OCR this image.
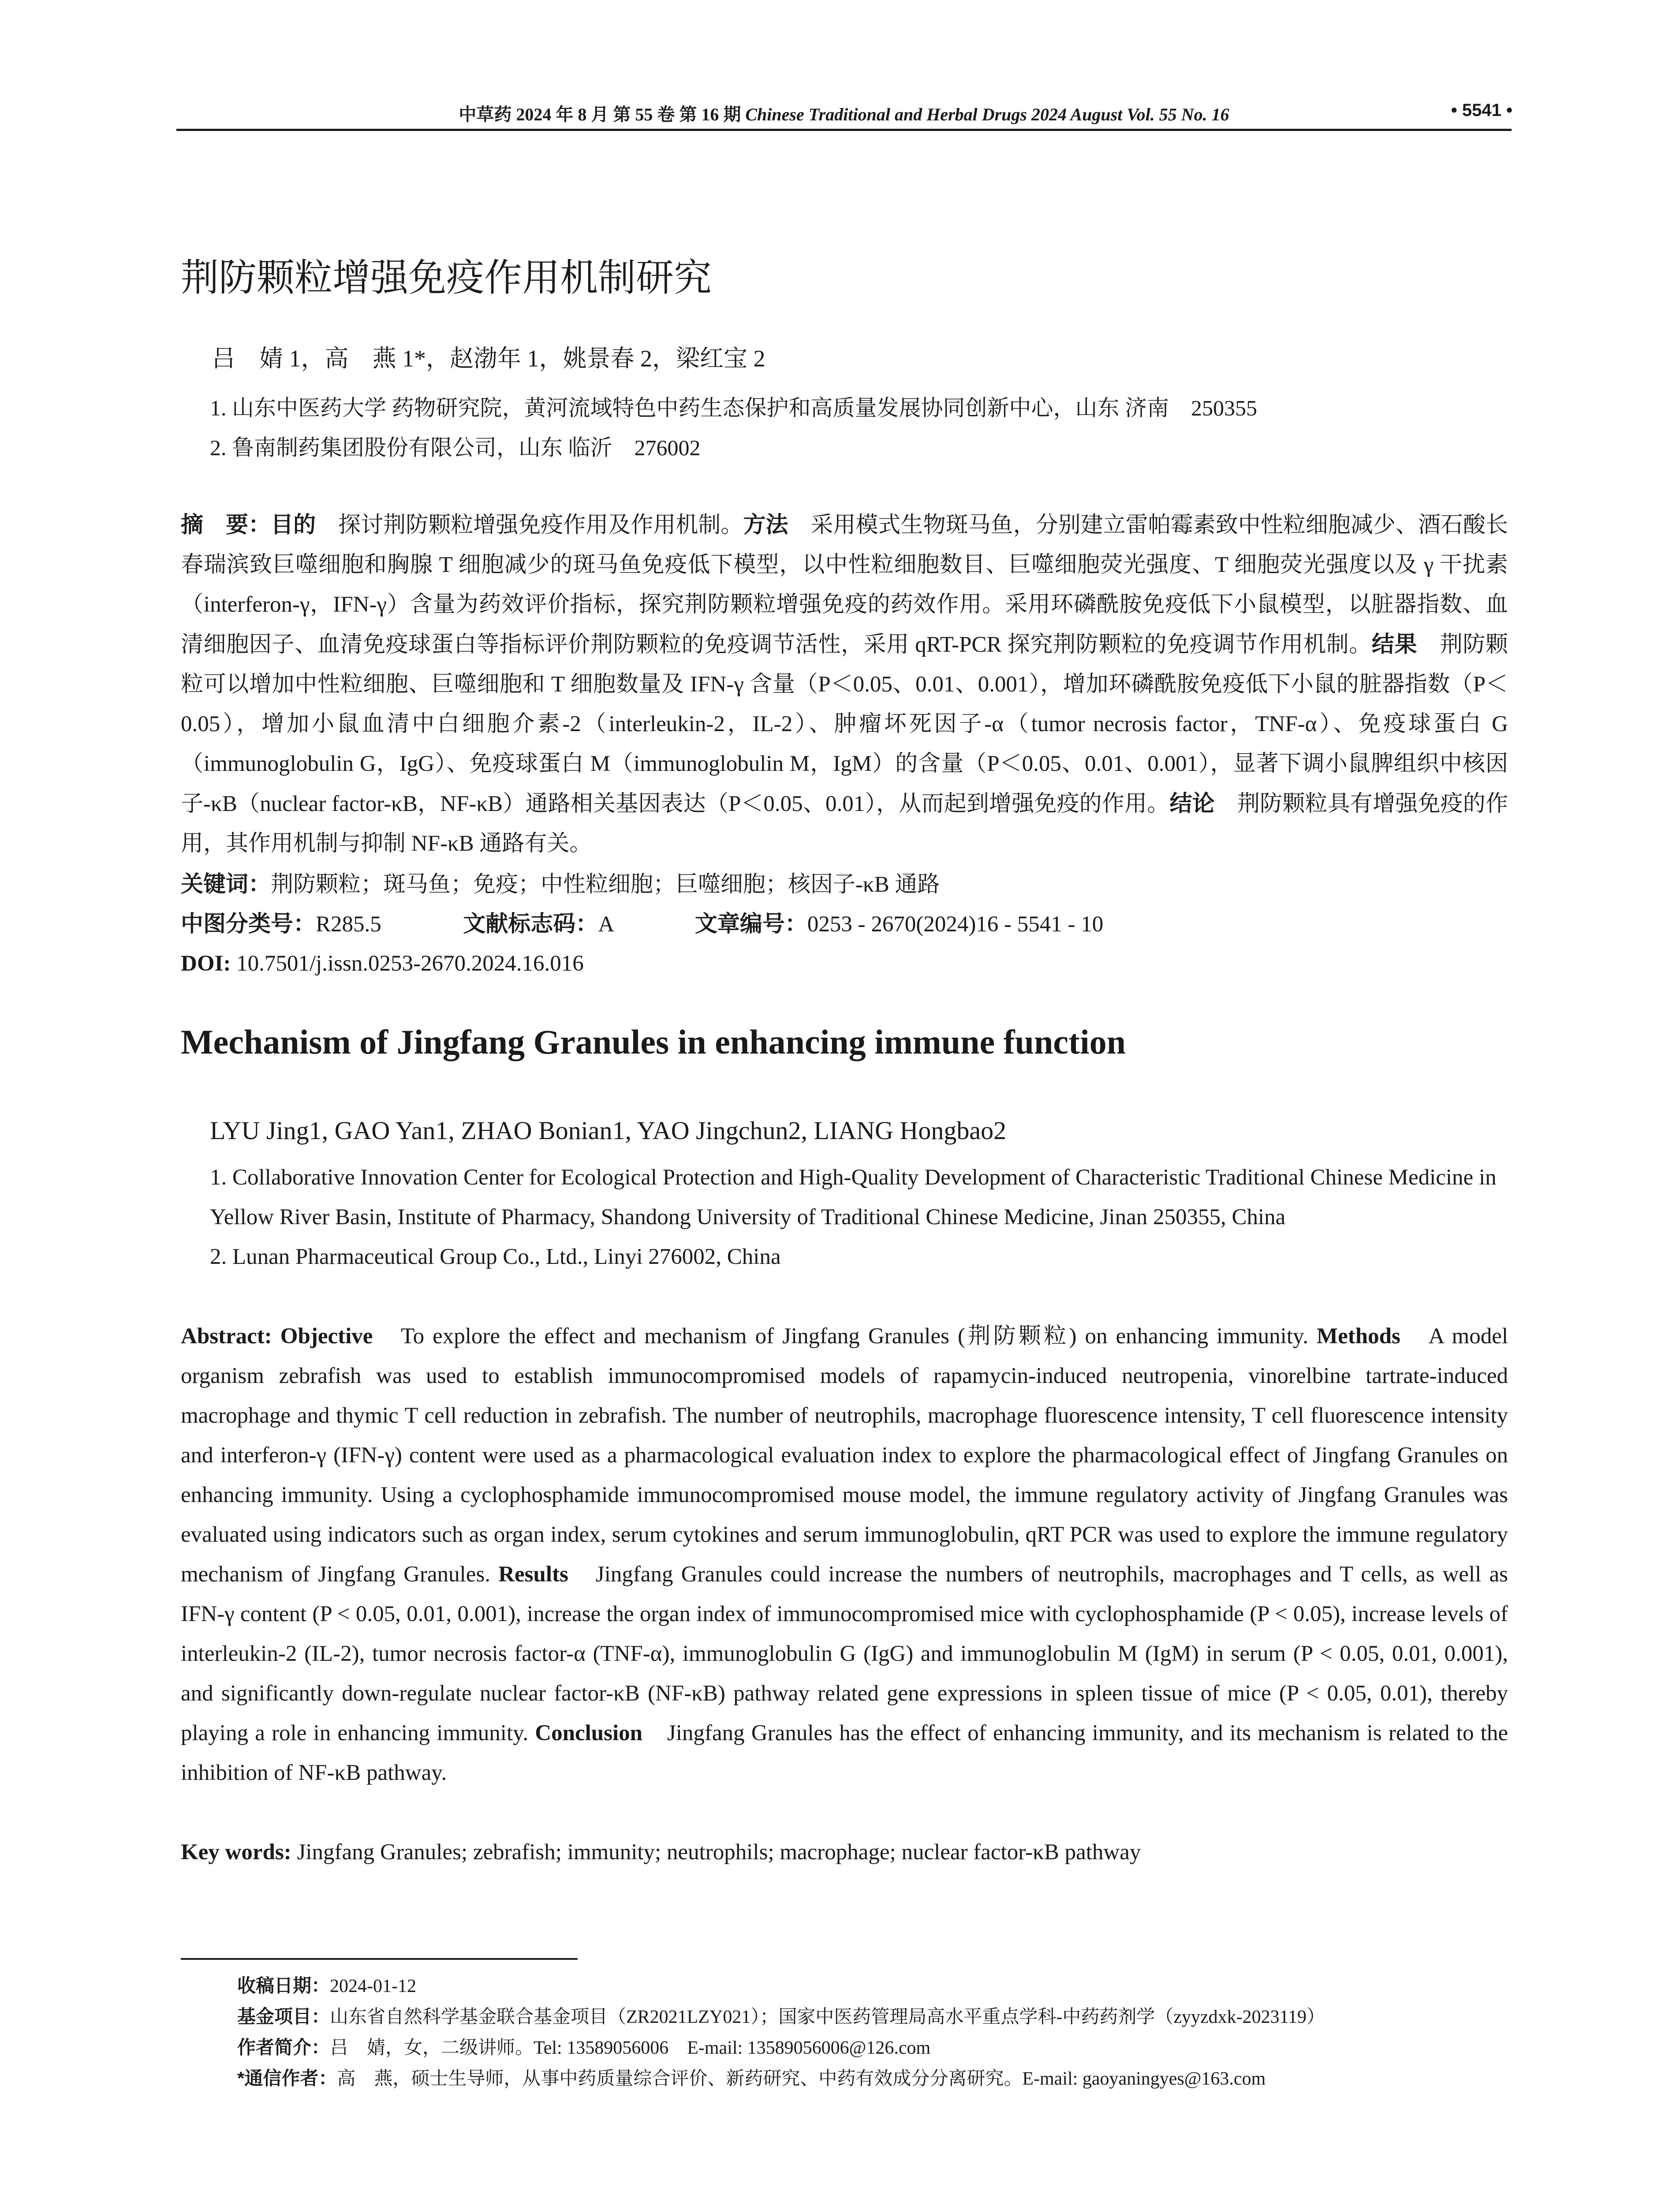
中草药 2024 年 8 月 第 55 卷 第 16 期 Chinese Traditional and Herbal Drugs 2024 August Vol. 55 No. 16	• 5541 •
荆防颗粒增强免疫作用机制研究
吕　婧 1，高　燕 1*，赵渤年 1，姚景春 2，梁红宝 2
1. 山东中医药大学 药物研究院，黄河流域特色中药生态保护和高质量发展协同创新中心，山东 济南　250355
2. 鲁南制药集团股份有限公司，山东 临沂　276002
摘　要：目的　探讨荆防颗粒增强免疫作用及作用机制。方法　采用模式生物斑马鱼，分别建立雷帕霉素致中性粒细胞减少、酒石酸长春瑞滨致巨噬细胞和胸腺 T 细胞减少的斑马鱼免疫低下模型，以中性粒细胞数目、巨噬细胞荧光强度、T 细胞荧光强度以及 γ 干扰素（interferon-γ，IFN-γ）含量为药效评价指标，探究荆防颗粒增强免疫的药效作用。采用环磷酰胺免疫低下小鼠模型，以脏器指数、血清细胞因子、血清免疫球蛋白等指标评价荆防颗粒的免疫调节活性，采用 qRT-PCR 探究荆防颗粒的免疫调节作用机制。结果　荆防颗粒可以增加中性粒细胞、巨噬细胞和 T 细胞数量及 IFN-γ 含量（P＜0.05、0.01、0.001），增加环磷酰胺免疫低下小鼠的脏器指数（P＜0.05），增加小鼠血清中白细胞介素-2（interleukin-2，IL-2）、肿瘤坏死因子-α（tumor necrosis factor，TNF-α）、免疫球蛋白 G（immunoglobulin G，IgG）、免疫球蛋白 M（immunoglobulin M，IgM）的含量（P＜0.05、0.01、0.001），显著下调小鼠脾组织中核因子-κB（nuclear factor-κB，NF-κB）通路相关基因表达（P＜0.05、0.01），从而起到增强免疫的作用。结论　荆防颗粒具有增强免疫的作用，其作用机制与抑制 NF-κB 通路有关。
关键词：荆防颗粒；斑马鱼；免疫；中性粒细胞；巨噬细胞；核因子-κB 通路
中图分类号：R285.5	文献标志码：A	文章编号：0253 - 2670(2024)16 - 5541 - 10
DOI: 10.7501/j.issn.0253-2670.2024.16.016
Mechanism of Jingfang Granules in enhancing immune function
LYU Jing1, GAO Yan1, ZHAO Bonian1, YAO Jingchun2, LIANG Hongbao2
1. Collaborative Innovation Center for Ecological Protection and High-Quality Development of Characteristic Traditional Chinese Medicine in Yellow River Basin, Institute of Pharmacy, Shandong University of Traditional Chinese Medicine, Jinan 250355, China
2. Lunan Pharmaceutical Group Co., Ltd., Linyi 276002, China
Abstract: Objective　To explore the effect and mechanism of Jingfang Granules (荆防颗粒) on enhancing immunity. Methods　A model organism zebrafish was used to establish immunocompromised models of rapamycin-induced neutropenia, vinorelbine tartrate-induced macrophage and thymic T cell reduction in zebrafish. The number of neutrophils, macrophage fluorescence intensity, T cell fluorescence intensity and interferon-γ (IFN-γ) content were used as a pharmacological evaluation index to explore the pharmacological effect of Jingfang Granules on enhancing immunity. Using a cyclophosphamide immunocompromised mouse model, the immune regulatory activity of Jingfang Granules was evaluated using indicators such as organ index, serum cytokines and serum immunoglobulin, qRT PCR was used to explore the immune regulatory mechanism of Jingfang Granules. Results　Jingfang Granules could increase the numbers of neutrophils, macrophages and T cells, as well as IFN-γ content (P < 0.05, 0.01, 0.001), increase the organ index of immunocompromised mice with cyclophosphamide (P < 0.05), increase levels of interleukin-2 (IL-2), tumor necrosis factor-α (TNF-α), immunoglobulin G (IgG) and immunoglobulin M (IgM) in serum (P < 0.05, 0.01, 0.001), and significantly down-regulate nuclear factor-κB (NF-κB) pathway related gene expressions in spleen tissue of mice (P < 0.05, 0.01), thereby playing a role in enhancing immunity. Conclusion　Jingfang Granules has the effect of enhancing immunity, and its mechanism is related to the inhibition of NF-κB pathway.
Key words: Jingfang Granules; zebrafish; immunity; neutrophils; macrophage; nuclear factor-κB pathway
收稿日期：2024-01-12
基金项目：山东省自然科学基金联合基金项目（ZR2021LZY021）；国家中医药管理局高水平重点学科-中药药剂学（zyyzdxk-2023119）
作者简介：吕　婧，女，二级讲师。Tel: 13589056006　E-mail: 13589056006@126.com
*通信作者：高　燕，硕士生导师，从事中药质量综合评价、新药研究、中药有效成分分离研究。E-mail: gaoyaningyes@163.com
